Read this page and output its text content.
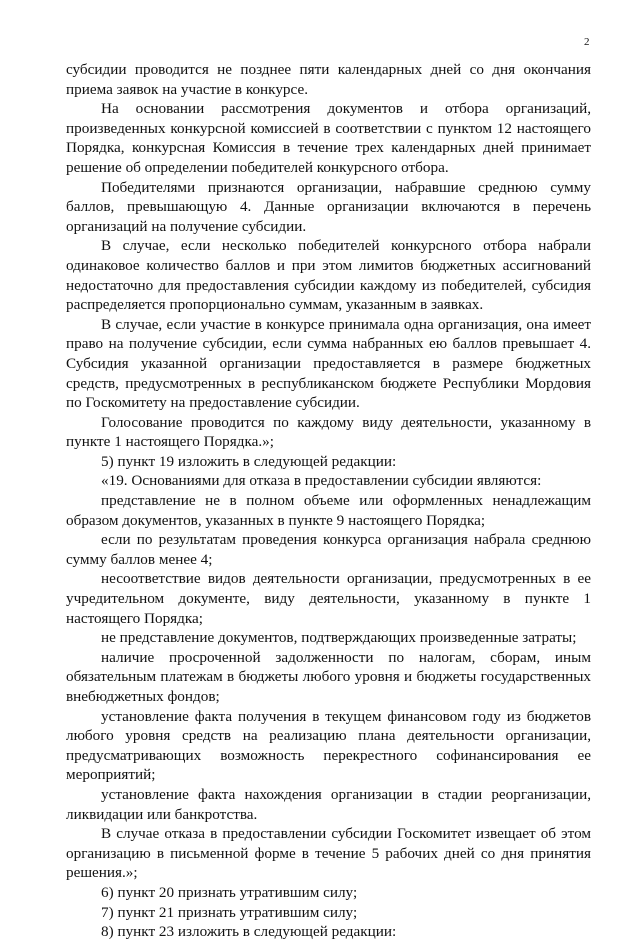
2

субсидии проводится не позднее пяти календарных дней со дня окончания приема заявок на участие в конкурсе.

На основании рассмотрения документов и отбора организаций, произведенных конкурсной комиссией в соответствии с пунктом 12 настоящего Порядка, конкурсная Комиссия в течение трех календарных дней принимает решение об определении победителей конкурсного отбора.

Победителями признаются организации, набравшие среднюю сумму баллов, превышающую 4. Данные организации включаются в перечень организаций на получение субсидии.

В случае, если несколько победителей конкурсного отбора набрали одинаковое количество баллов и при этом лимитов бюджетных ассигнований недостаточно для предоставления субсидии каждому из победителей, субсидия распределяется пропорционально суммам, указанным в заявках.

В случае, если участие в конкурсе принимала одна организация, она имеет право на получение субсидии, если сумма набранных ею баллов превышает 4. Субсидия указанной организации предоставляется в размере бюджетных средств, предусмотренных в республиканском бюджете Республики Мордовия по Госкомитету на предоставление субсидии.

Голосование проводится по каждому виду деятельности, указанному в пункте 1 настоящего Порядка.»;

5) пункт 19 изложить в следующей редакции:

«19. Основаниями для отказа в предоставлении субсидии являются:

представление не в полном объеме или оформленных ненадлежащим образом документов, указанных в пункте 9 настоящего Порядка;

если по результатам проведения конкурса организация набрала среднюю сумму баллов менее 4;

несоответствие видов деятельности организации, предусмотренных в ее учредительном документе, виду деятельности, указанному в пункте 1 настоящего Порядка;

не представление документов, подтверждающих произведенные затраты;

наличие просроченной задолженности по налогам, сборам, иным обязательным платежам в бюджеты любого уровня и бюджеты государственных внебюджетных фондов;

установление факта получения в текущем финансовом году из бюджетов любого уровня средств на реализацию плана деятельности организации, предусматривающих возможность перекрестного софинансирования ее мероприятий;

установление факта нахождения организации в стадии реорганизации, ликвидации или банкротства.

В случае отказа в предоставлении субсидии Госкомитет извещает об этом организацию в письменной форме в течение 5 рабочих дней со дня принятия решения.»;

6) пункт 20 признать утратившим силу;

7) пункт 21 признать утратившим силу;

8) пункт 23 изложить в следующей редакции:
